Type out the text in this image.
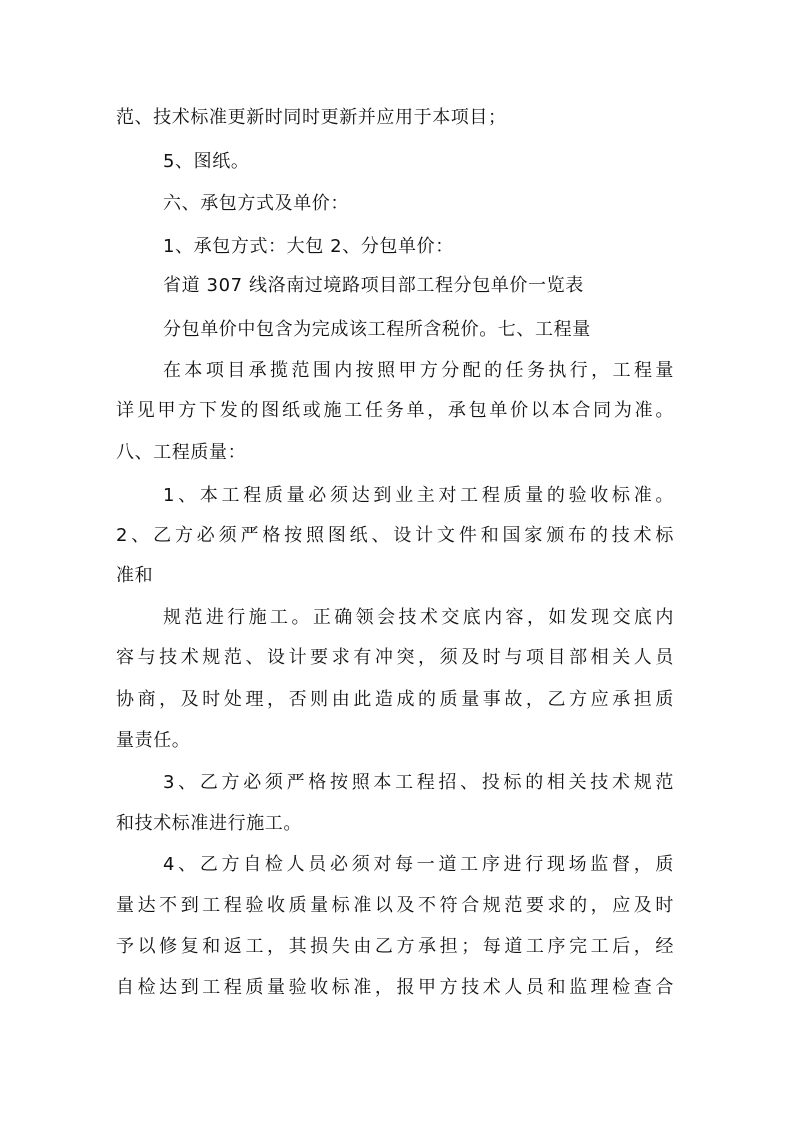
范、技术标准更新时同时更新并应用于本项目；
5、图纸。
六、承包方式及单价：
1、承包方式：大包 2、分包单价：
省道 307 线洛南过境路项目部工程分包单价一览表
分包单价中包含为完成该工程所含税价。七、工程量
在本项目承揽范围内按照甲方分配的任务执行，工程量
详见甲方下发的图纸或施工任务单，承包单价以本合同为准。
八、工程质量：
1、本工程质量必须达到业主对工程质量的验收标准。
2、乙方必须严格按照图纸、设计文件和国家颁布的技术标
准和
规范进行施工。正确领会技术交底内容，如发现交底内
容与技术规范、设计要求有冲突，须及时与项目部相关人员
协商，及时处理，否则由此造成的质量事故，乙方应承担质
量责任。
3、乙方必须严格按照本工程招、投标的相关技术规范
和技术标准进行施工。
4、乙方自检人员必须对每一道工序进行现场监督，质
量达不到工程验收质量标准以及不符合规范要求的，应及时
予以修复和返工，其损失由乙方承担；每道工序完工后，经
自检达到工程质量验收标准，报甲方技术人员和监理检查合
